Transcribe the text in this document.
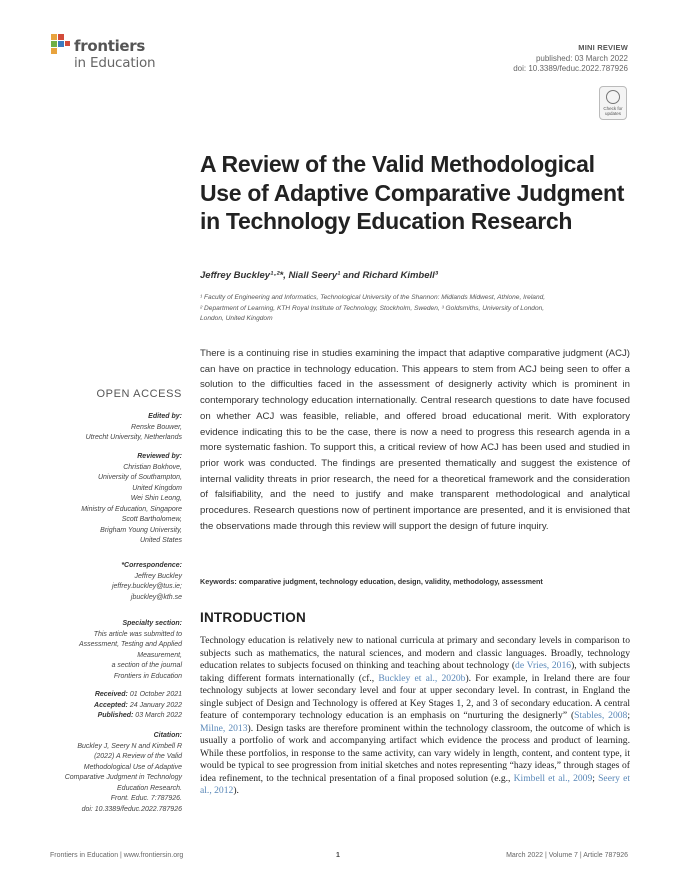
frontiers
in Education
MINI REVIEW
published: 03 March 2022
doi: 10.3389/feduc.2022.787926
Check for
updates
A Review of the Valid Methodological Use of Adaptive Comparative Judgment in Technology Education Research
Jeffrey Buckley¹·²*, Niall Seery¹ and Richard Kimbell³
¹ Faculty of Engineering and Informatics, Technological University of the Shannon: Midlands Midwest, Athlone, Ireland,
² Department of Learning, KTH Royal Institute of Technology, Stockholm, Sweden, ³ Goldsmiths, University of London,
London, United Kingdom

There is a continuing rise in studies examining the impact that adaptive comparative judgment (ACJ) can have on practice in technology education. This appears to stem from ACJ being seen to offer a solution to the difficulties faced in the assessment of designerly activity which is prominent in contemporary technology education internationally. Central research questions to date have focused on whether ACJ was feasible, reliable, and offered broad educational merit. With exploratory evidence indicating this to be the case, there is now a need to progress this research agenda in a more systematic fashion. To support this, a critical review of how ACJ has been used and studied in prior work was conducted. The findings are presented thematically and suggest the existence of internal validity threats in prior research, the need for a theoretical framework and the consideration of falsifiability, and the need to justify and make transparent methodological and analytical procedures. Research questions now of pertinent importance are presented, and it is envisioned that the observations made through this review will support the design of future inquiry.

Keywords: comparative judgment, technology education, design, validity, methodology, assessment
INTRODUCTION

Technology education is relatively new to national curricula at primary and secondary levels in comparison to subjects such as mathematics, the natural sciences, and modern and classic languages. Broadly, technology education relates to subjects focused on thinking and teaching about technology (de Vries, 2016), with subjects taking different formats internationally (cf., Buckley et al., 2020b). For example, in Ireland there are four technology subjects at lower secondary level and four at upper secondary level. In contrast, in England the single subject of Design and Technology is offered at Key Stages 1, 2, and 3 of secondary education. A central feature of contemporary technology education is an emphasis on “nurturing the designerly” (Stables, 2008; Milne, 2013). Design tasks are therefore prominent within the technology classroom, the outcome of which is usually a portfolio of work and accompanying artifact which evidence the process and product of learning. While these portfolios, in response to the same activity, can vary widely in length, content, and content type, it would be typical to see progression from initial sketches and notes representing “hazy ideas,” through stages of idea refinement, to the technical presentation of a final proposed solution (e.g., Kimbell et al., 2009; Seery et al., 2012).

OPEN ACCESS
Edited by:
Renske Bouwer,
Utrecht University, Netherlands
Reviewed by:
Christian Bokhove,
University of Southampton,
United Kingdom
Wei Shin Leong,
Ministry of Education, Singapore
Scott Bartholomew,
Brigham Young University,
United States
*Correspondence:
Jeffrey Buckley
jeffrey.buckley@tus.ie;
jbuckley@kth.se
Specialty section:
This article was submitted to
Assessment, Testing and Applied
Measurement,
a section of the journal
Frontiers in Education
Received: 01 October 2021
Accepted: 24 January 2022
Published: 03 March 2022
Citation:
Buckley J, Seery N and Kimbell R
(2022) A Review of the Valid
Methodological Use of Adaptive
Comparative Judgment in Technology
Education Research.
Front. Educ. 7:787926.
doi: 10.3389/feduc.2022.787926
Frontiers in Education | www.frontiersin.org	1	March 2022 | Volume 7 | Article 787926
